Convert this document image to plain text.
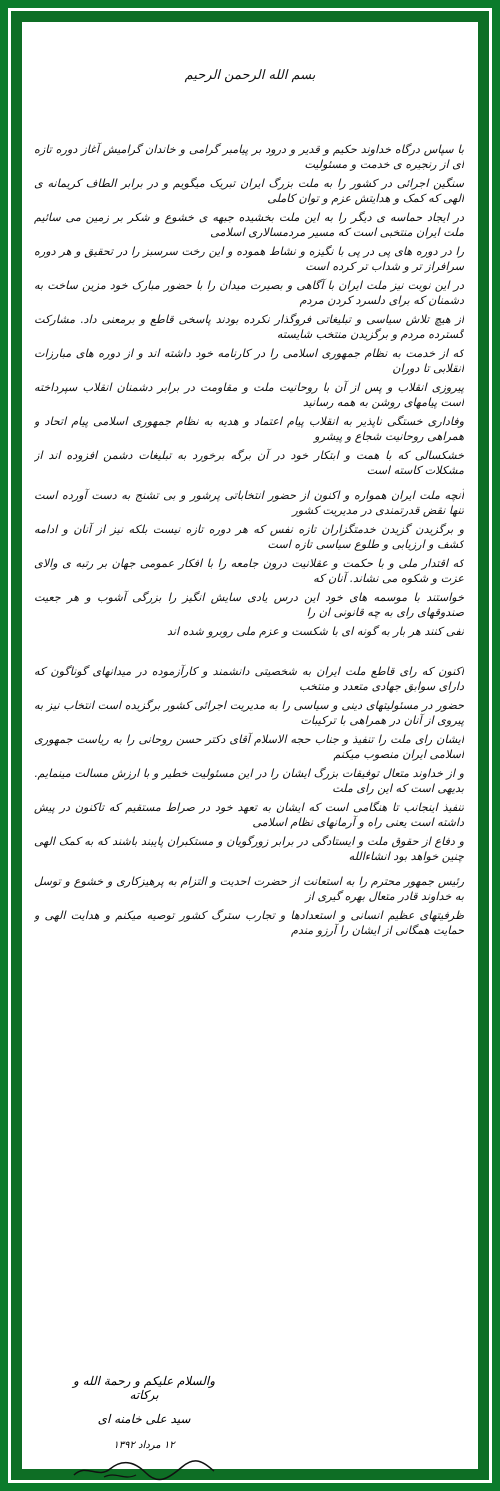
بسم الله الرحمن الرحیم

با سپاس درگاه خداوند حکیم و قدیر و درود بر پیامبر گرامی و خاندان گرامیش آغاز دوره تازه ای از رنجیره ی خدمت و مسئولیت

سنگین اجرائی در کشور را به ملت بزرگ ایران تبریک میگویم و در برابر الطاف کریمانه ی الهی که کمک و هدایتش عزم و توان کاملی

در ایجاد حماسه ی دیگر را به این ملت بخشیده جبهه ی خشوع و شکر بر زمین می سائیم ملت ایران منتخبی است که مسیر مردمسالاری اسلامی

را در دوره های پی در پی با نگیزه و نشاط هموده و این رخت سرسبز را در تحقیق و هر دوره سرافراز تر و شداب تر کرده است

در این نوبت نیز ملت ایران با آگاهی و بصیرت میدان را با حضور مبارک خود مزین ساخت به دشمنان که برای دلسرد کردن مردم

از هیچ تلاش سیاسی و تبلیغاتی فروگذار نکرده بودند پاسخی قاطع و برمعنی داد. مشارکت گسترده مردم و برگزیدن منتخب شایسته

که از خدمت به نظام جمهوری اسلامی را در کارنامه خود داشته اند و از دوره های مبارزات انقلابی تا دوران

پیروزی انقلاب و پس از آن با روحانیت ملت و مقاومت در برابر دشمنان انقلاب سپرداخته است پیامهای روشن به همه رسانید

وفاداری خستگی ناپذیر به انقلاب پیام اعتماد و هدیه به نظام جمهوری اسلامی پیام اتحاد و همراهی روحانیت شجاع و پیشرو

خشکسالی که با همت و ابتکار خود در آن برگه برخورد به تبلیغات دشمن افزوده اند از مشکلات کاسته است

آنچه ملت ایران همواره و اکنون از حضور انتخاباتی پرشور و بی تشنج به دست آورده است تنها نقض قدرتمندی در مدیریت کشور

و برگزیدن گزیدن خدمتگزاران تازه نفس که هر دوره تازه نیست بلکه نیز از آنان و ادامه کشف و ارزیابی و طلوع سیاسی تازه است

که اقتدار ملی و با حکمت و عقلانیت درون جامعه را با افکار عمومی جهان بر رتبه ی والای عزت و شکوه می نشاند. آنان که

خواستند با موسمه های خود این درس یادی سایش انگیز را بزرگی آشوب و هر جعیت صندوقهای رای به چه قانونی ان را

نفی کنند هر بار به گونه ای با شکست و عزم ملی روبرو شده اند

اکنون که رای قاطع ملت ایران به شخصیتی دانشمند و کارآزموده در میدانهای گوناگون که دارای سوابق جهادی متعدد و منتخب

حضور در مسئولیتهای دینی و سیاسی را به مدیریت اجرائی کشور برگزیده است انتخاب نیز به پیروی از آنان در همراهی با ترکیبات

ایشان رای ملت را تنفیذ و جناب حجه الاسلام آقای دکتر حسن روحانی را به ریاست جمهوری اسلامی ایران منصوب میکنم

و از خداوند متعال توفیقات بزرگ ایشان را در این مسئولیت خطیر و با ارزش مسالت مینمایم. بدیهی است که این رای ملت

تنفیذ اینجانب تا هنگامی است که ایشان به تعهد خود در صراط مستقیم که تاکنون در پیش داشته است یعنی راه و آرمانهای نظام اسلامی

و دفاع از حقوق ملت و ایستادگی در برابر زورگویان و مستکبران پایبند باشند که به کمک الهی چنین خواهد بود انشاءالله

رئیس جمهور محترم را به استعانت از حضرت احدیت و التزام به پرهیزکاری و خشوع و توسل به خداوند قادر متعال بهره گیری از

ظرفیتهای عظیم انسانی و استعدادها و تجارب سترگ کشور توصیه میکنم و هدایت الهی و حمایت همگانی از ایشان را آرزو مندم

والسلام علیکم و رحمة الله و برکاته
سید علی خامنه ای
۱۲ مرداد ۱۳۹۲
